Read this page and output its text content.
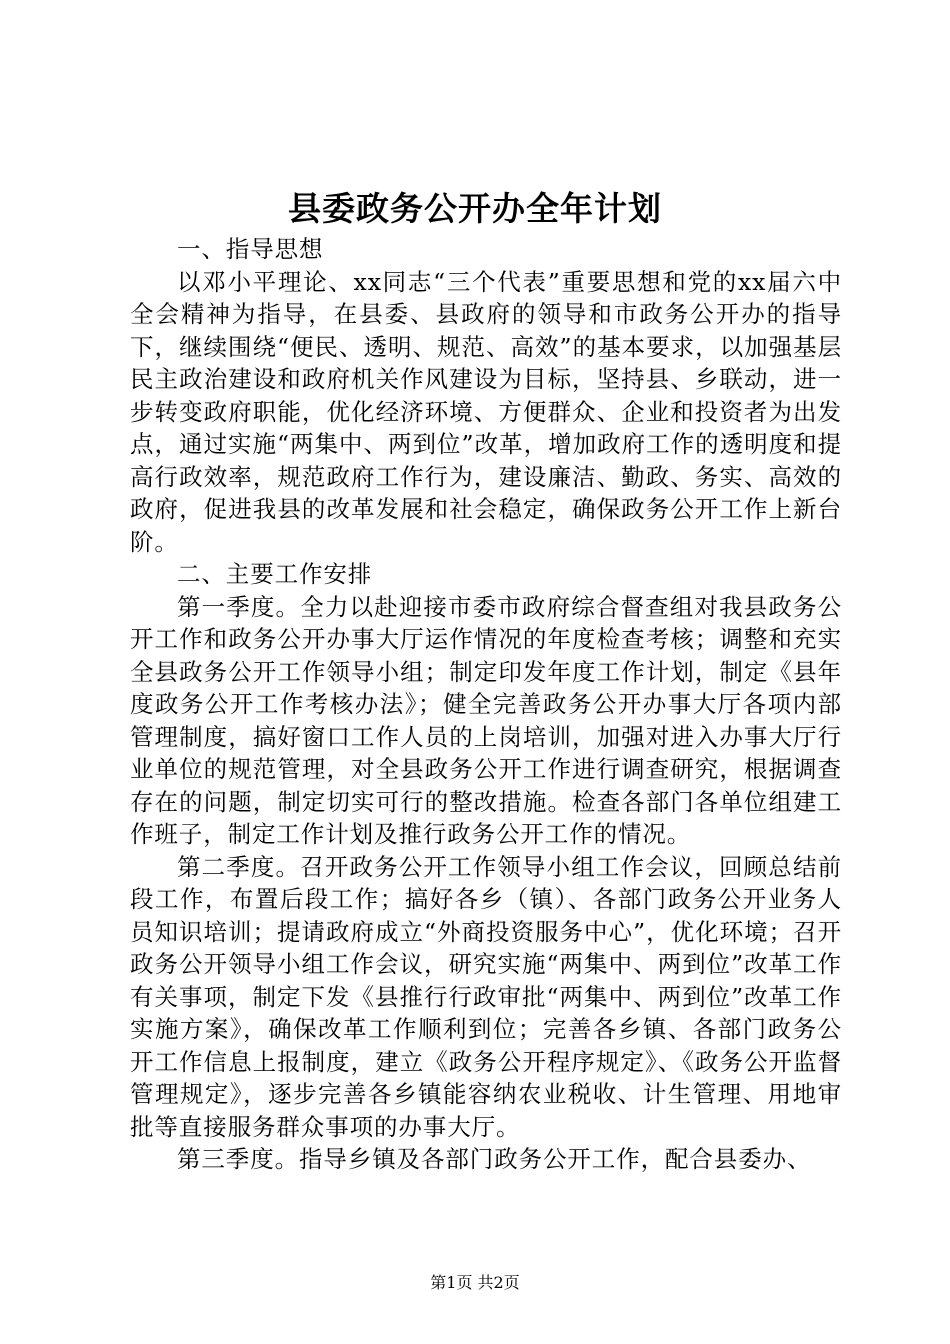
县委政务公开办全年计划

一、指导思想

以邓小平理论、xx同志“三个代表”重要思想和党的xx届六中全会精神为指导，在县委、县政府的领导和市政务公开办的指导下，继续围绕“便民、透明、规范、高效”的基本要求，以加强基层民主政治建设和政府机关作风建设为目标，坚持县、乡联动，进一步转变政府职能，优化经济环境、方便群众、企业和投资者为出发点，通过实施“两集中、两到位”改革，增加政府工作的透明度和提高行政效率，规范政府工作行为，建设廉洁、勤政、务实、高效的政府，促进我县的改革发展和社会稳定，确保政务公开工作上新台阶。

二、主要工作安排

第一季度。全力以赴迎接市委市政府综合督查组对我县政务公开工作和政务公开办事大厅运作情况的年度检查考核；调整和充实全县政务公开工作领导小组；制定印发年度工作计划，制定《县年度政务公开工作考核办法》；健全完善政务公开办事大厅各项内部管理制度，搞好窗口工作人员的上岗培训，加强对进入办事大厅行业单位的规范管理，对全县政务公开工作进行调查研究，根据调查存在的问题，制定切实可行的整改措施。检查各部门各单位组建工作班子，制定工作计划及推行政务公开工作的情况。

第二季度。召开政务公开工作领导小组工作会议，回顾总结前段工作，布置后段工作；搞好各乡（镇）、各部门政务公开业务人员知识培训；提请政府成立“外商投资服务中心”，优化环境；召开政务公开领导小组工作会议，研究实施“两集中、两到位”改革工作有关事项，制定下发《县推行行政审批“两集中、两到位”改革工作实施方案》，确保改革工作顺利到位；完善各乡镇、各部门政务公开工作信息上报制度，建立《政务公开程序规定》、《政务公开监督管理规定》，逐步完善各乡镇能容纳农业税收、计生管理、用地审批等直接服务群众事项的办事大厅。

第三季度。指导乡镇及各部门政务公开工作，配合县委办、

第1页 共2页
